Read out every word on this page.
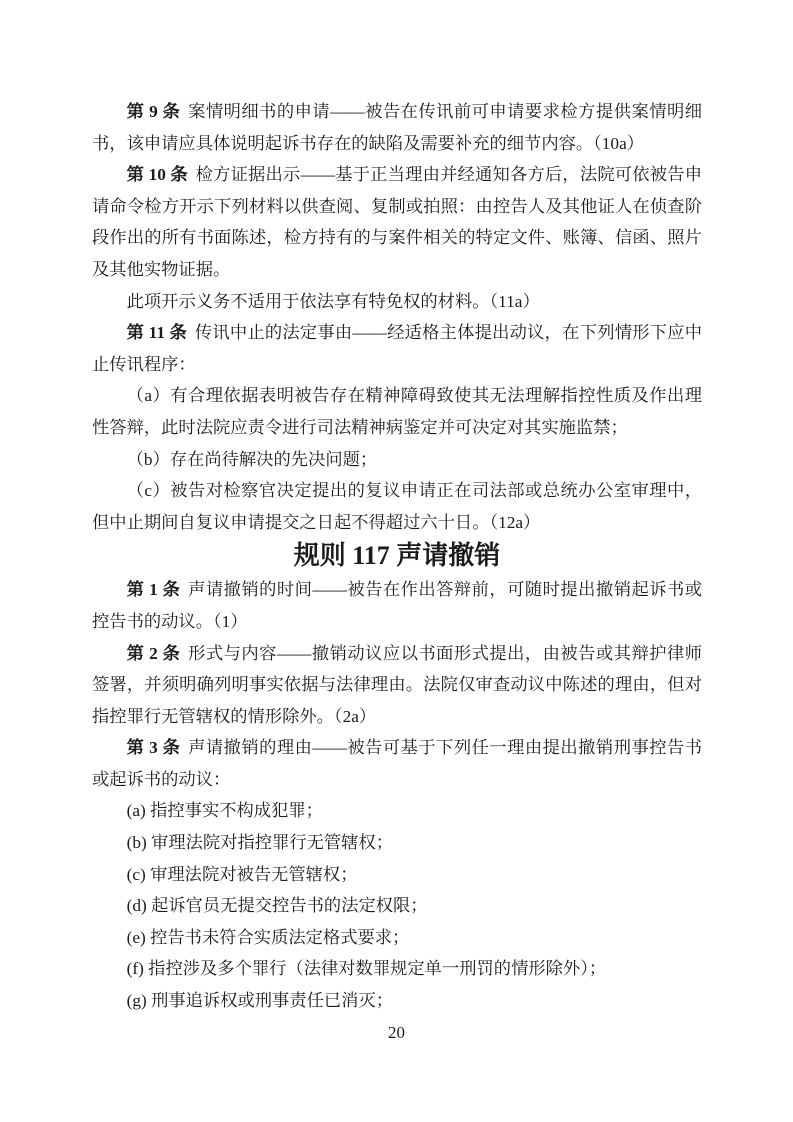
第 9 条 案情明细书的申请——被告在传讯前可申请要求检方提供案情明细书，该申请应具体说明起诉书存在的缺陷及需要补充的细节内容。（10a）

第 10 条 检方证据出示——基于正当理由并经通知各方后，法院可依被告申请命令检方开示下列材料以供查阅、复制或拍照：由控告人及其他证人在侦查阶段作出的所有书面陈述，检方持有的与案件相关的特定文件、账簿、信函、照片及其他实物证据。

此项开示义务不适用于依法享有特免权的材料。（11a）

第 11 条 传讯中止的法定事由——经适格主体提出动议，在下列情形下应中止传讯程序：

（a）有合理依据表明被告存在精神障碍致使其无法理解指控性质及作出理性答辩，此时法院应责令进行司法精神病鉴定并可决定对其实施监禁；

（b）存在尚待解决的先决问题；

（c）被告对检察官决定提出的复议申请正在司法部或总统办公室审理中，但中止期间自复议申请提交之日起不得超过六十日。（12a）

规则 117 声请撤销

第 1 条 声请撤销的时间——被告在作出答辩前，可随时提出撤销起诉书或控告书的动议。（1）

第 2 条 形式与内容——撤销动议应以书面形式提出，由被告或其辩护律师签署，并须明确列明事实依据与法律理由。法院仅审查动议中陈述的理由，但对指控罪行无管辖权的情形除外。（2a）

第 3 条 声请撤销的理由——被告可基于下列任一理由提出撤销刑事控告书或起诉书的动议：

(a) 指控事实不构成犯罪；

(b) 审理法院对指控罪行无管辖权；

(c) 审理法院对被告无管辖权；

(d) 起诉官员无提交控告书的法定权限；

(e) 控告书未符合实质法定格式要求；

(f) 指控涉及多个罪行（法律对数罪规定单一刑罚的情形除外）；

(g) 刑事追诉权或刑事责任已消灭；

20
